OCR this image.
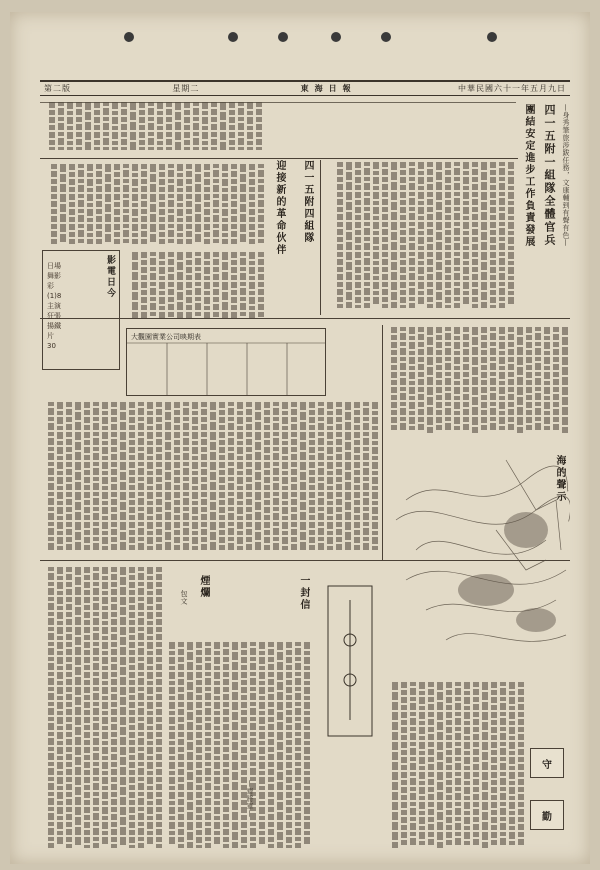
第二版	星期二	東海日報	中華民國六十一年五月九日
—身秀筆旅涉跋任務，文康輔到有聲有色—
四一五附一組隊全體官兵
團結安定進步工作負責發展
四一五附四組隊
迎接新的革命伙伴
影電日今
日場
舞影
彩
(1)8
主演
狂張
揚鐵
片
30
大觀園實業公司映期表
海的聲示
一封信
煙爛
包文
守
勤
